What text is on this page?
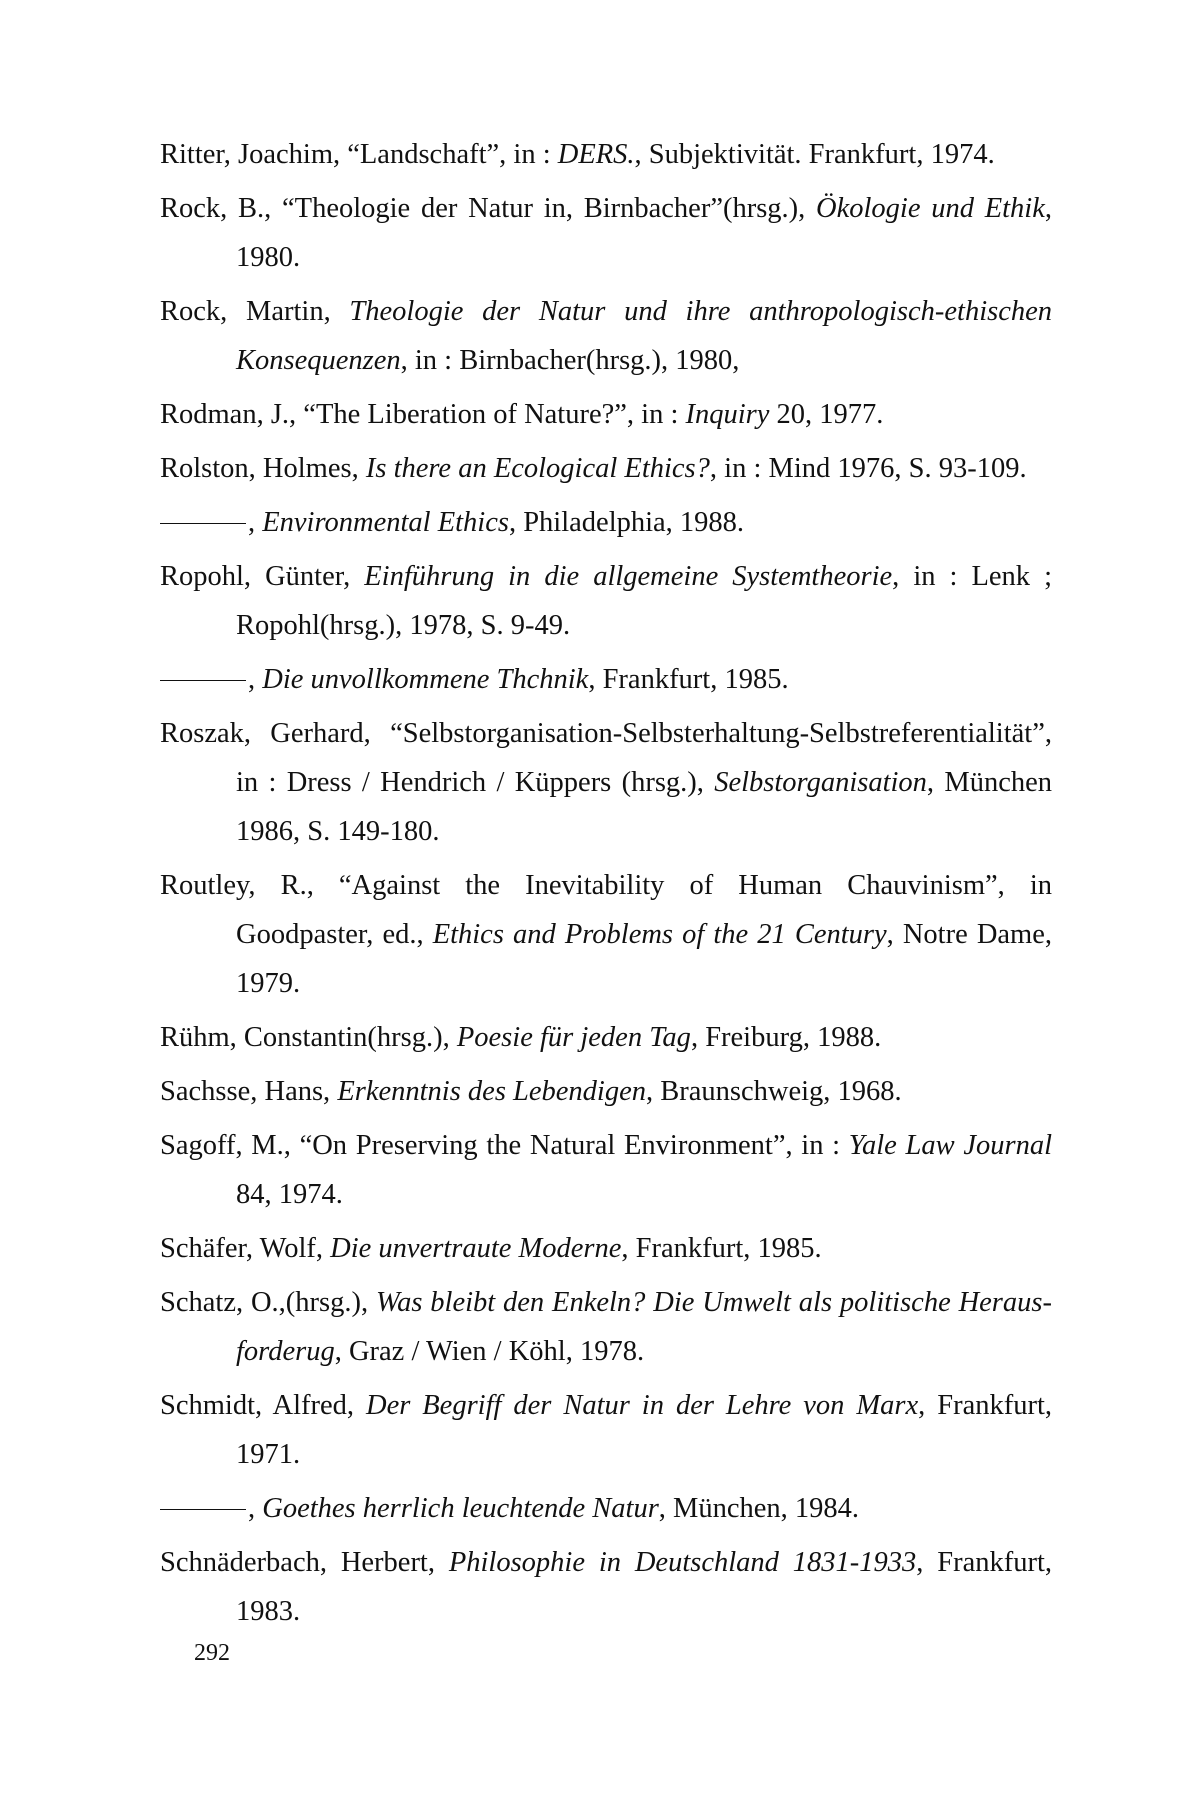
Ritter, Joachim, “Landschaft”, in : DERS., Subjektivität. Frankfurt, 1974.
Rock, B., “Theologie der Natur in, Birnbacher”(hrsg.), Ökologie und Ethik, 1980.
Rock, Martin, Theologie der Natur und ihre anthropologisch-ethischen Konsequenzen, in : Birnbacher(hrsg.), 1980,
Rodman, J., “The Liberation of Nature?”, in : Inquiry 20, 1977.
Rolston, Holmes, Is there an Ecological Ethics?, in : Mind 1976, S. 93-109.
, Environmental Ethics, Philadelphia, 1988.
Ropohl, Günter, Einführung in die allgemeine Systemtheorie, in : Lenk ; Ropohl(hrsg.), 1978, S. 9-49.
, Die unvollkommene Thchnik, Frankfurt, 1985.
Roszak, Gerhard, “Selbstorganisation-Selbsterhaltung-Selbstreferentialität”, in : Dress / Hendrich / Küppers (hrsg.), Selbstorganisation, München 1986, S. 149-180.
Routley, R., “Against the Inevitability of Human Chauvinism”, in Goodpaster, ed., Ethics and Problems of the 21 Century, Notre Dame, 1979.
Rühm, Constantin(hrsg.), Poesie für jeden Tag, Freiburg, 1988.
Sachsse, Hans, Erkenntnis des Lebendigen, Braunschweig, 1968.
Sagoff, M., “On Preserving the Natural Environment”, in : Yale Law Journal 84, 1974.
Schäfer, Wolf, Die unvertraute Moderne, Frankfurt, 1985.
Schatz, O.,(hrsg.), Was bleibt den Enkeln? Die Umwelt als politische Heraus-forderug, Graz / Wien / Köhl, 1978.
Schmidt, Alfred, Der Begriff der Natur in der Lehre von Marx, Frankfurt, 1971.
, Goethes herrlich leuchtende Natur, München, 1984.
Schnäderbach, Herbert, Philosophie in Deutschland 1831-1933, Frankfurt, 1983.
292
